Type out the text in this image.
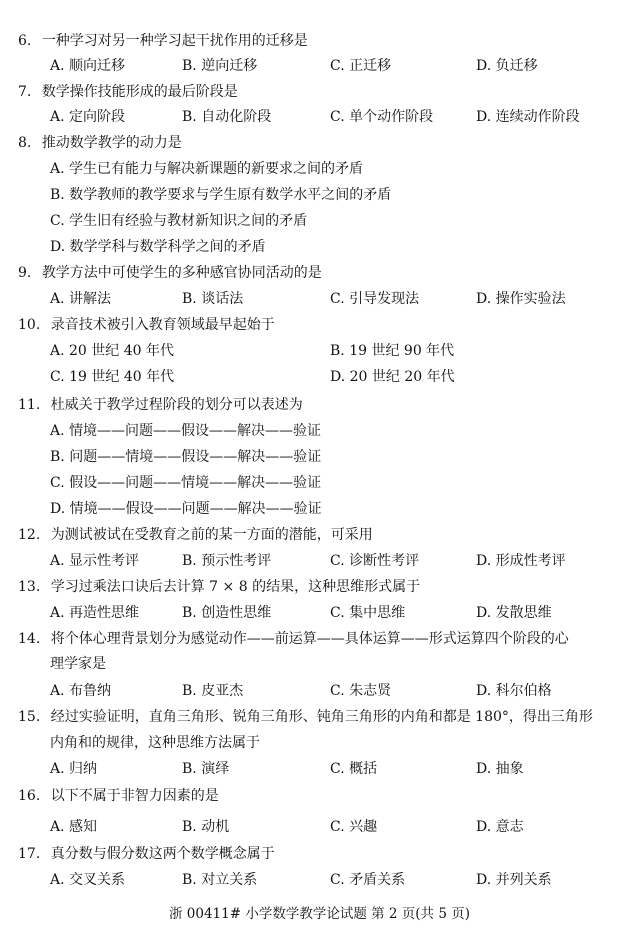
6. 一种学习对另一种学习起干扰作用的迁移是
A. 顺向迁移	B. 逆向迁移	C. 正迁移	D. 负迁移
7. 数学操作技能形成的最后阶段是
A. 定向阶段	B. 自动化阶段	C. 单个动作阶段	D. 连续动作阶段
8. 推动数学教学的动力是
A. 学生已有能力与解决新课题的新要求之间的矛盾
B. 数学教师的教学要求与学生原有数学水平之间的矛盾
C. 学生旧有经验与教材新知识之间的矛盾
D. 数学学科与数学科学之间的矛盾
9. 教学方法中可使学生的多种感官协同活动的是
A. 讲解法	B. 谈话法	C. 引导发现法	D. 操作实验法
10. 录音技术被引入教育领域最早起始于
A. 20 世纪 40 年代	B. 19 世纪 90 年代
C. 19 世纪 40 年代	D. 20 世纪 20 年代
11. 杜威关于教学过程阶段的划分可以表述为
A. 情境——问题——假设——解决——验证
B. 问题——情境——假设——解决——验证
C. 假设——问题——情境——解决——验证
D. 情境——假设——问题——解决——验证
12. 为测试被试在受教育之前的某一方面的潜能，可采用
A. 显示性考评	B. 预示性考评	C. 诊断性考评	D. 形成性考评
13. 学习过乘法口诀后去计算 7 × 8 的结果，这种思维形式属于
A. 再造性思维	B. 创造性思维	C. 集中思维	D. 发散思维
14. 将个体心理背景划分为感觉动作——前运算——具体运算——形式运算四个阶段的心
理学家是
A. 布鲁纳	B. 皮亚杰	C. 朱志贤	D. 科尔伯格
15. 经过实验证明，直角三角形、锐角三角形、钝角三角形的内角和都是 180°，得出三角形
内角和的规律，这种思维方法属于
A. 归纳	B. 演绎	C. 概括	D. 抽象
16. 以下不属于非智力因素的是
A. 感知	B. 动机	C. 兴趣	D. 意志
17. 真分数与假分数这两个数学概念属于
A. 交叉关系	B. 对立关系	C. 矛盾关系	D. 并列关系
浙 00411# 小学数学教学论试题 第 2 页(共 5 页)
